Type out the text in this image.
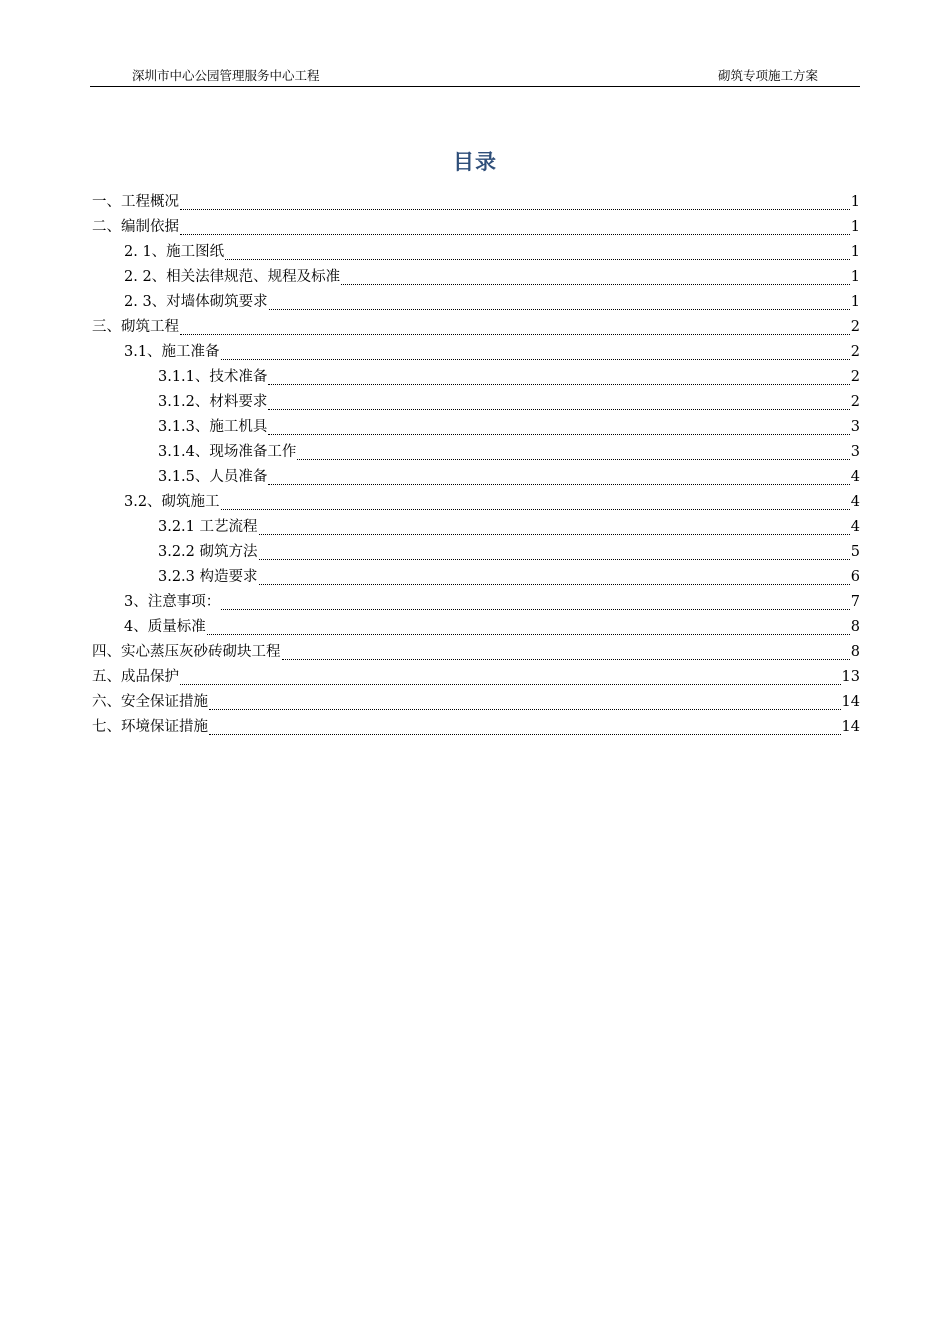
深圳市中心公园管理服务中心工程	砌筑专项施工方案
目录
一、工程概况	1
二、编制依据	1
2. 1、施工图纸	1
2. 2、相关法律规范、规程及标准	1
2. 3、对墙体砌筑要求	1
三、砌筑工程	2
3.1、施工准备	2
3.1.1、技术准备	2
3.1.2、材料要求	2
3.1.3、施工机具	3
3.1.4、现场准备工作	3
3.1.5、人员准备	4
3.2、砌筑施工	4
3.2.1 工艺流程	4
3.2.2 砌筑方法	5
3.2.3 构造要求	6
3、注意事项：	7
4、质量标准	8
四、实心蒸压灰砂砖砌块工程	8
五、成品保护	13
六、安全保证措施	14
七、环境保证措施	14
